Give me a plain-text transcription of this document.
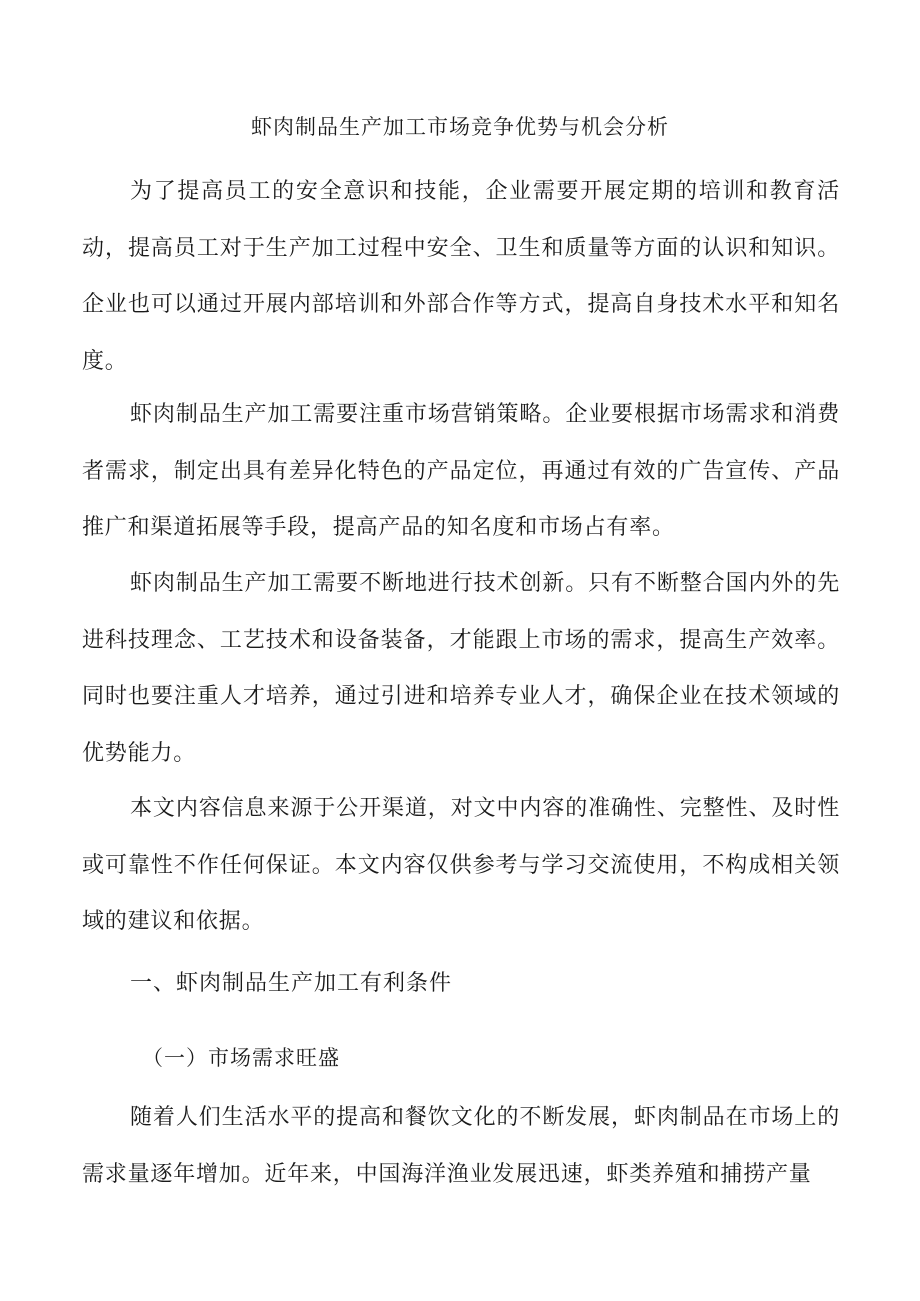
虾肉制品生产加工市场竞争优势与机会分析

为了提高员工的安全意识和技能，企业需要开展定期的培训和教育活动，提高员工对于生产加工过程中安全、卫生和质量等方面的认识和知识。企业也可以通过开展内部培训和外部合作等方式，提高自身技术水平和知名度。

虾肉制品生产加工需要注重市场营销策略。企业要根据市场需求和消费者需求，制定出具有差异化特色的产品定位，再通过有效的广告宣传、产品推广和渠道拓展等手段，提高产品的知名度和市场占有率。

虾肉制品生产加工需要不断地进行技术创新。只有不断整合国内外的先进科技理念、工艺技术和设备装备，才能跟上市场的需求，提高生产效率。同时也要注重人才培养，通过引进和培养专业人才，确保企业在技术领域的优势能力。

本文内容信息来源于公开渠道，对文中内容的准确性、完整性、及时性或可靠性不作任何保证。本文内容仅供参考与学习交流使用，不构成相关领域的建议和依据。

一、虾肉制品生产加工有利条件
（一）市场需求旺盛

随着人们生活水平的提高和餐饮文化的不断发展，虾肉制品在市场上的需求量逐年增加。近年来，中国海洋渔业发展迅速，虾类养殖和捕捞产量
